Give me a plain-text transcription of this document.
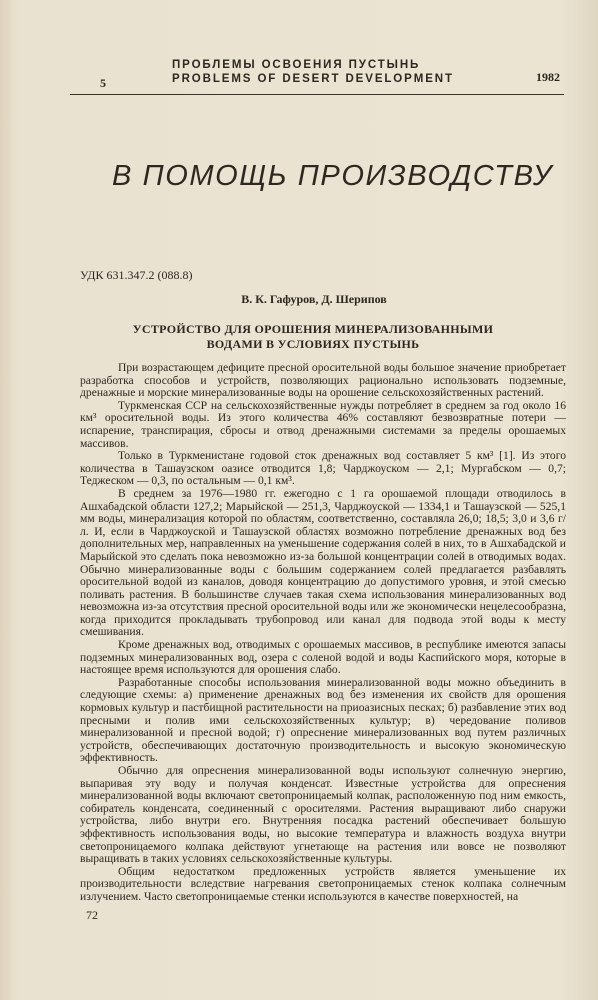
5
ПРОБЛЕМЫ ОСВОЕНИЯ ПУСТЫНЬ
PROBLEMS OF DESERT DEVELOPMENT	1982
В ПОМОЩЬ ПРОИЗВОДСТВУ
УДК 631.347.2 (088.8)
В. К. Гафуров, Д. Шерипов
УСТРОЙСТВО ДЛЯ ОРОШЕНИЯ МИНЕРАЛИЗОВАННЫМИ
ВОДАМИ В УСЛОВИЯХ ПУСТЫНЬ

При возрастающем дефиците пресной оросительной воды большое значение приобретает разработка способов и устройств, позволяющих рационально использовать подземные, дренажные и морские минерализованные воды на орошение сельскохозяйственных растений.

Туркменская ССР на сельскохозяйственные нужды потребляет в среднем за год около 16 км³ оросительной воды. Из этого количества 46% составляют безвозвратные потери — испарение, транспирация, сбросы и отвод дренажными системами за пределы орошаемых массивов.

Только в Туркменистане годовой сток дренажных вод составляет 5 км³ [1]. Из этого количества в Ташаузском оазисе отводится 1,8; Чарджоуском — 2,1; Мургабском — 0,7; Теджеском — 0,3, по остальным — 0,1 км³.

В среднем за 1976—1980 гг. ежегодно с 1 га орошаемой площади отводилось в Ашхабадской области 127,2; Марыйской — 251,3, Чарджоуской — 1334,1 и Ташаузской — 525,1 мм воды, минерализация которой по областям, соответственно, составляла 26,0; 18,5; 3,0 и 3,6 г/л. И, если в Чарджоуской и Ташаузской областях возможно потребление дренажных вод без дополнительных мер, направленных на уменьшение содержания солей в них, то в Ашхабадской и Марыйской это сделать пока невозможно из-за большой концентрации солей в отводимых водах. Обычно минерализованные воды с большим содержанием солей предлагается разбавлять оросительной водой из каналов, доводя концентрацию до допустимого уровня, и этой смесью поливать растения. В большинстве случаев такая схема использования минерализованных вод невозможна из-за отсутствия пресной оросительной воды или же экономически нецелесообразна, когда приходится прокладывать трубопровод или канал для подвода этой воды к месту смешивания.

Кроме дренажных вод, отводимых с орошаемых массивов, в республике имеются запасы подземных минерализованных вод, озера с соленой водой и воды Каспийского моря, которые в настоящее время используются для орошения слабо.

Разработанные способы использования минерализованной воды можно объединить в следующие схемы: а) применение дренажных вод без изменения их свойств для орошения кормовых культур и пастбищной растительности на приоазисных песках; б) разбавление этих вод пресными и полив ими сельскохозяйственных культур; в) чередование поливов минерализованной и пресной водой; г) опреснение минерализованных вод путем различных устройств, обеспечивающих достаточную производительность и высокую экономическую эффективность.

Обычно для опреснения минерализованной воды используют солнечную энергию, выпаривая эту воду и получая конденсат. Известные устройства для опреснения минерализованной воды включают светопроницаемый колпак, расположенную под ним емкость, собиратель конденсата, соединенный с оросителями. Растения выращивают либо снаружи устройства, либо внутри его. Внутренняя посадка растений обеспечивает большую эффективность использования воды, но высокие температура и влажность воздуха внутри светопроницаемого колпака действуют угнетающе на растения или вовсе не позволяют выращивать в таких условиях сельскохозяйственные культуры.

Общим недостатком предложенных устройств является уменьшение их производительности вследствие нагревания светопроницаемых стенок колпака солнечным излучением. Часто светопроницаемые стенки используются в качестве поверхностей, на

72
